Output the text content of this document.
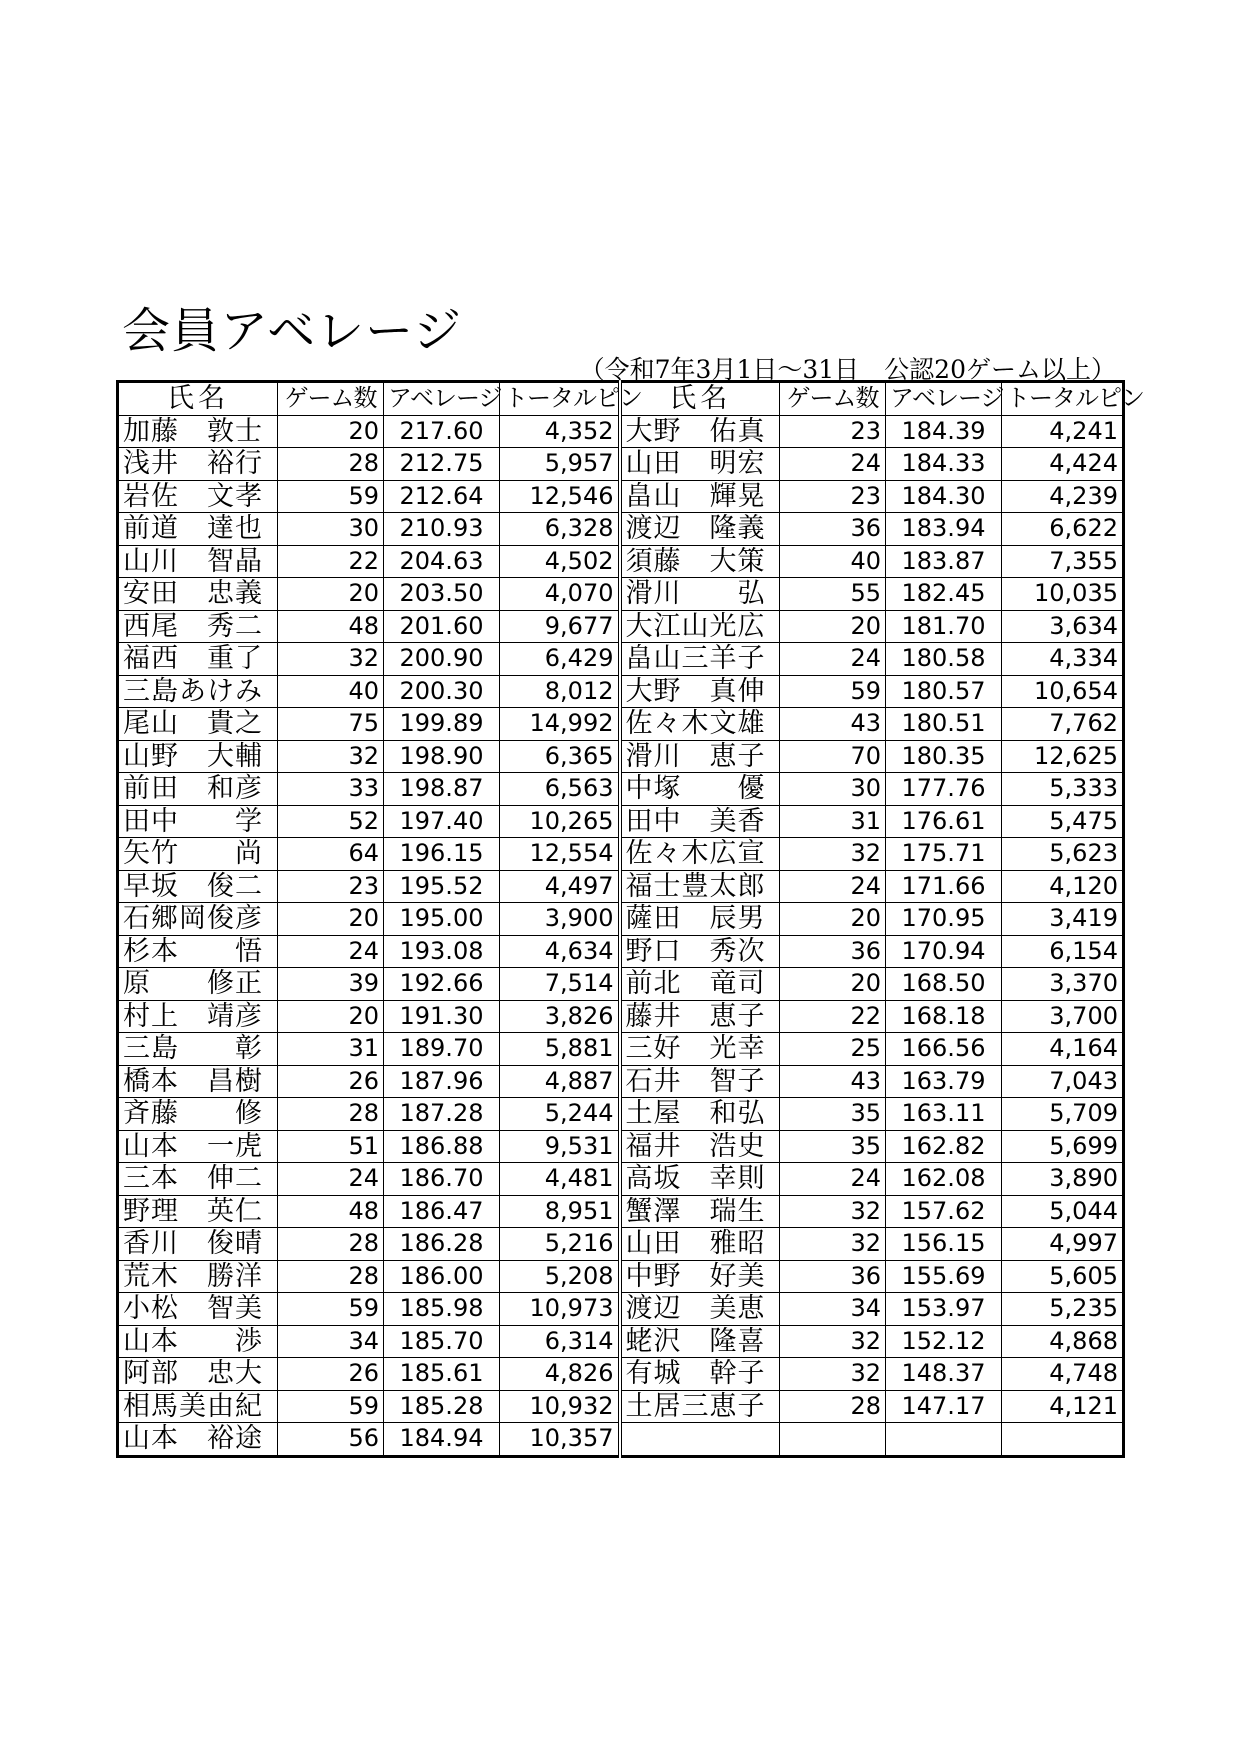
会員アベレージ
（令和7年3月1日～31日　公認20ゲーム以上）
氏名	ゲーム数	アベレージ	トータルピン	氏名	ゲーム数	アベレージ	トータルピン
加藤　敦士	20	217.60	4,352	大野　佑真	23	184.39	4,241
浅井　裕行	28	212.75	5,957	山田　明宏	24	184.33	4,424
岩佐　文孝	59	212.64	12,546	畠山　輝晃	23	184.30	4,239
前道　達也	30	210.93	6,328	渡辺　隆義	36	183.94	6,622
山川　智晶	22	204.63	4,502	須藤　大策	40	183.87	7,355
安田　忠義	20	203.50	4,070	滑川　　弘	55	182.45	10,035
西尾　秀二	48	201.60	9,677	大江山光広	20	181.70	3,634
福西　重了	32	200.90	6,429	畠山三羊子	24	180.58	4,334
三島あけみ	40	200.30	8,012	大野　真伸	59	180.57	10,654
尾山　貴之	75	199.89	14,992	佐々木文雄	43	180.51	7,762
山野　大輔	32	198.90	6,365	滑川　恵子	70	180.35	12,625
前田　和彦	33	198.87	6,563	中塚　　優	30	177.76	5,333
田中　　学	52	197.40	10,265	田中　美香	31	176.61	5,475
矢竹　　尚	64	196.15	12,554	佐々木広宣	32	175.71	5,623
早坂　俊二	23	195.52	4,497	福士豊太郎	24	171.66	4,120
石郷岡俊彦	20	195.00	3,900	薩田　辰男	20	170.95	3,419
杉本　　悟	24	193.08	4,634	野口　秀次	36	170.94	6,154
原　　修正	39	192.66	7,514	前北　竜司	20	168.50	3,370
村上　靖彦	20	191.30	3,826	藤井　恵子	22	168.18	3,700
三島　　彰	31	189.70	5,881	三好　光幸	25	166.56	4,164
橋本　昌樹	26	187.96	4,887	石井　智子	43	163.79	7,043
斉藤　　修	28	187.28	5,244	土屋　和弘	35	163.11	5,709
山本　一虎	51	186.88	9,531	福井　浩史	35	162.82	5,699
三本　伸二	24	186.70	4,481	高坂　幸則	24	162.08	3,890
野理　英仁	48	186.47	8,951	蟹澤　瑞生	32	157.62	5,044
香川　俊晴	28	186.28	5,216	山田　雅昭	32	156.15	4,997
荒木　勝洋	28	186.00	5,208	中野　好美	36	155.69	5,605
小松　智美	59	185.98	10,973	渡辺　美恵	34	153.97	5,235
山本　　渉	34	185.70	6,314	蛯沢　隆喜	32	152.12	4,868
阿部　忠大	26	185.61	4,826	有城　幹子	32	148.37	4,748
相馬美由紀	59	185.28	10,932	土居三恵子	28	147.17	4,121
山本　裕途	56	184.94	10,357				
